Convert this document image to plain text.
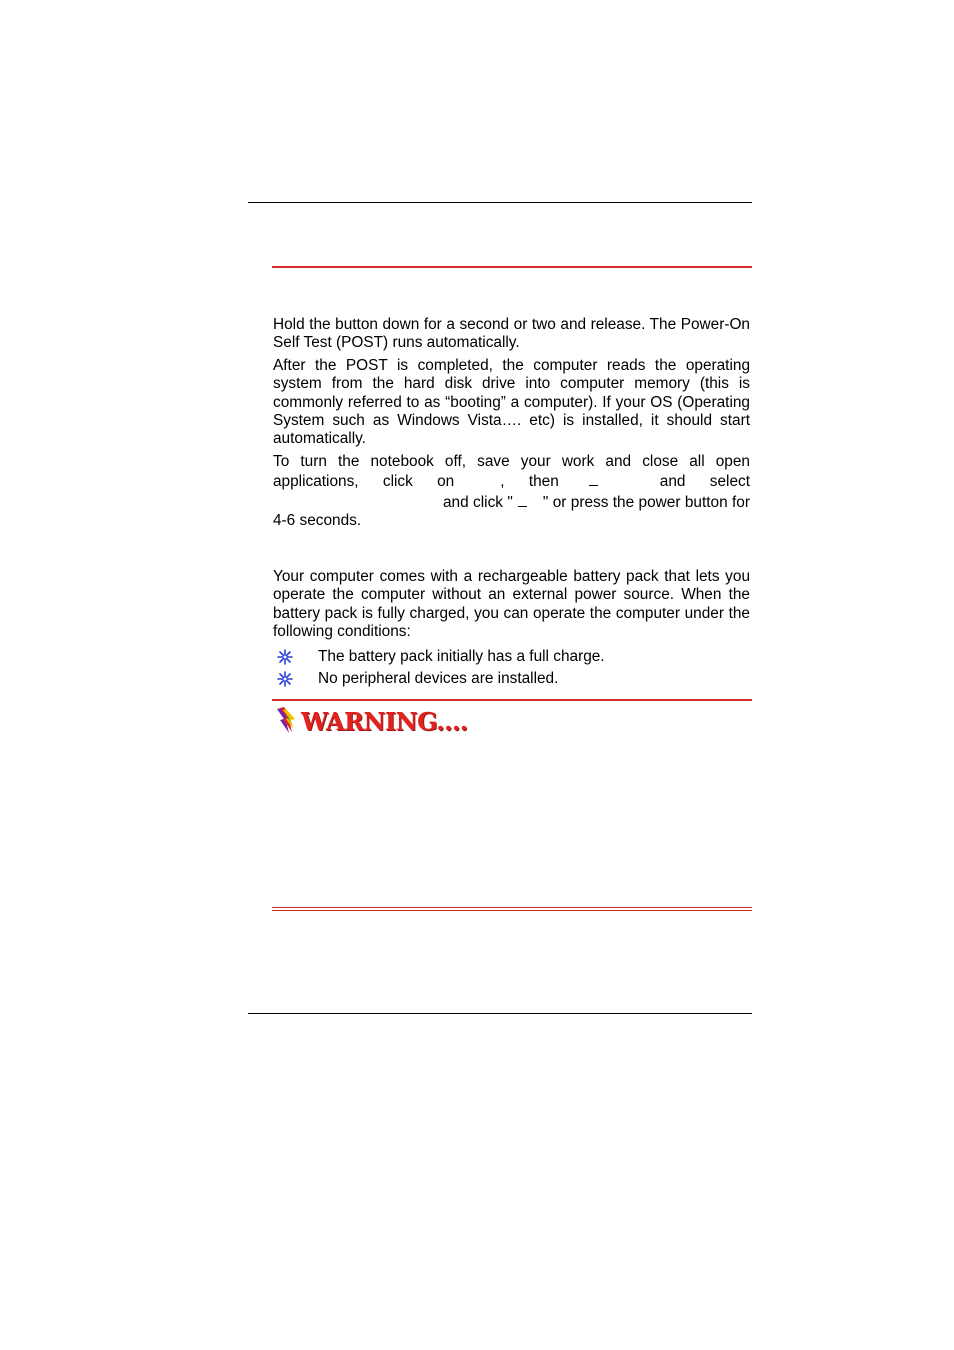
Hold the button down for a second or two and release. The Power-On Self Test (POST) runs automatically.

After the POST is completed, the computer reads the operating system from the hard disk drive into computer memory (this is commonly referred to as “booting” a computer). If your OS (Operating System such as Windows Vista…. etc) is installed, it should start automatically.

To turn the notebook off, save your work and close all open applications, click on	, then	and selectand click " " or press the power button for 4-6 seconds.

Your computer comes with a rechargeable battery pack that lets you operate the computer without an external power source. When the battery pack is fully charged, you can operate the computer under the following conditions:

The battery pack initially has a full charge.
No peripheral devices are installed.
WARNING....
